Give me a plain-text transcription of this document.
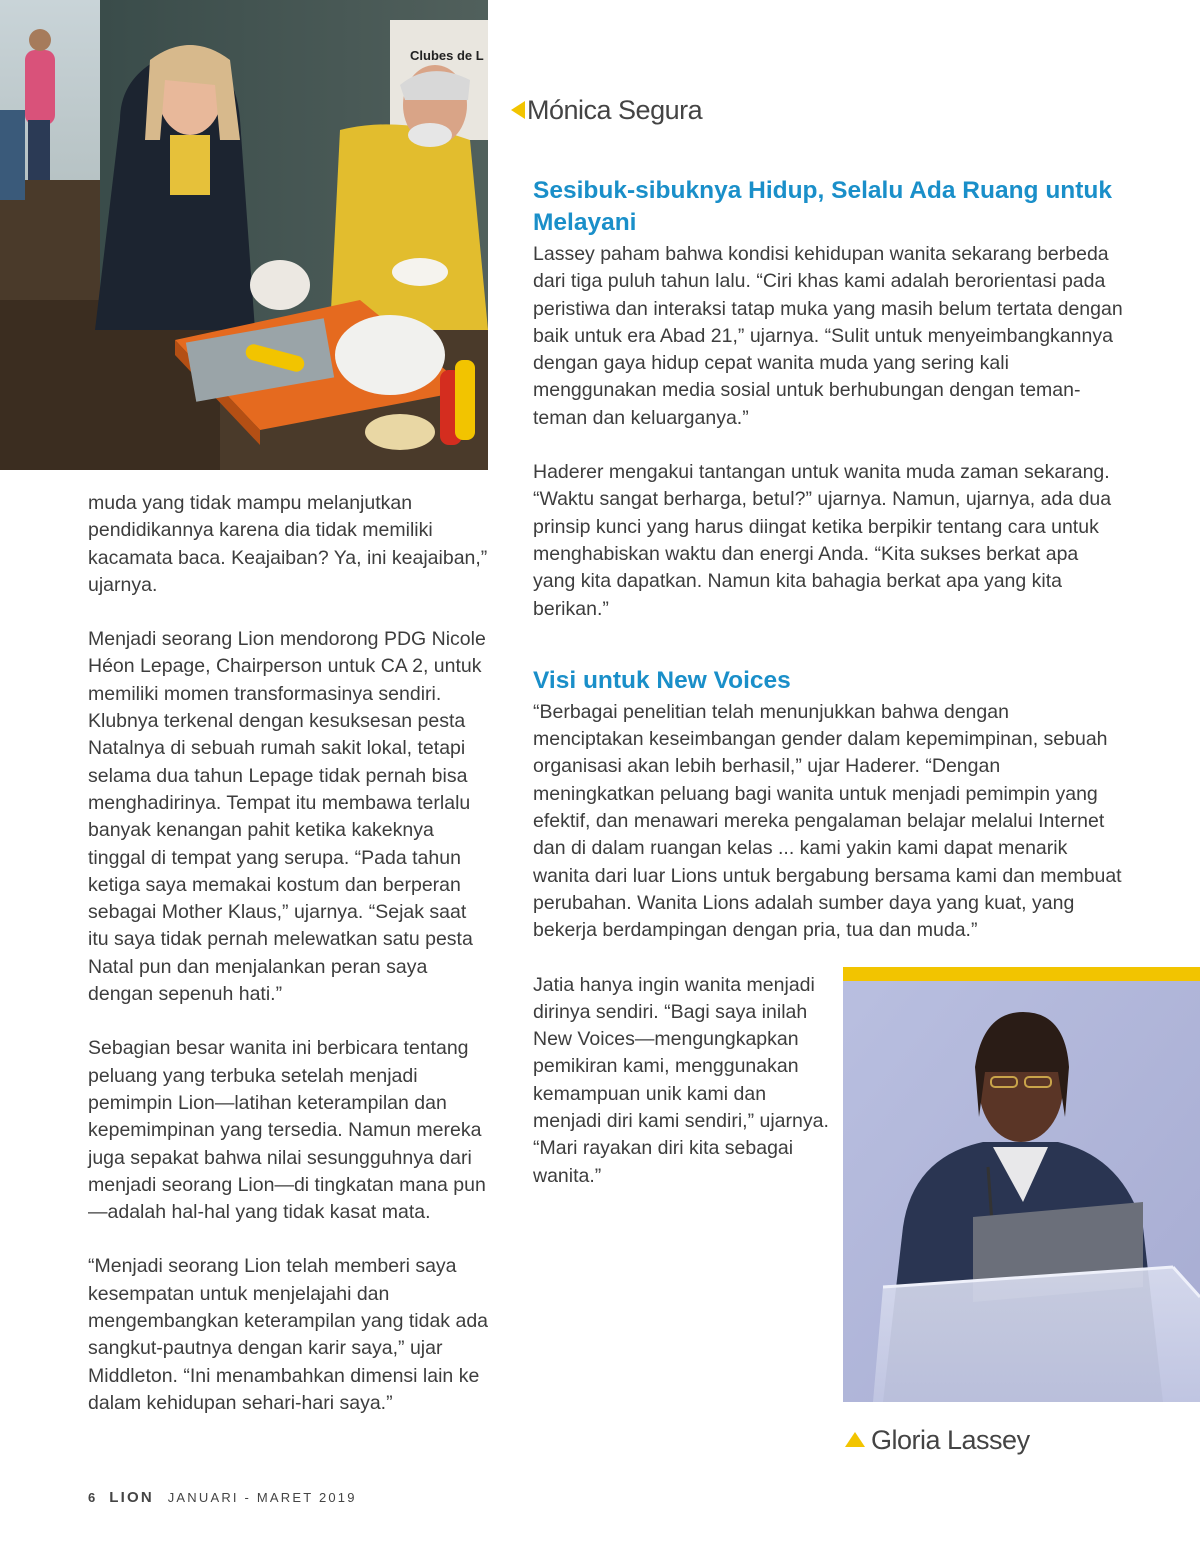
Clubes de L
Mónica Segura

muda yang tidak mampu melanjutkan pendidikannya karena dia tidak memiliki kacamata baca. Keajaiban? Ya, ini keajaiban,” ujarnya.

Menjadi seorang Lion mendorong PDG Nicole Héon Lepage, Chairperson untuk CA 2, untuk memiliki momen transformasinya sendiri. Klubnya terkenal dengan kesuksesan pesta Natalnya di sebuah rumah sakit lokal, tetapi selama dua tahun Lepage tidak pernah bisa menghadirinya. Tempat itu membawa terlalu banyak kenangan pahit ketika kakeknya tinggal di tempat yang serupa. “Pada tahun ketiga saya memakai kostum dan berperan sebagai Mother Klaus,” ujarnya. “Sejak saat itu saya tidak pernah melewatkan satu pesta Natal pun dan menjalankan peran saya dengan sepenuh hati.”

Sebagian besar wanita ini berbicara tentang peluang yang terbuka setelah menjadi pemimpin Lion—latihan keterampilan dan kepemimpinan yang tersedia. Namun mereka juga sepakat bahwa nilai sesungguhnya dari menjadi seorang Lion—di tingkatan mana pun—adalah hal-hal yang tidak kasat mata.

“Menjadi seorang Lion telah memberi saya kesempatan untuk menjelajahi dan mengembangkan keterampilan yang tidak ada sangkut-pautnya dengan karir saya,” ujar Middleton. “Ini menambahkan dimensi lain ke dalam kehidupan sehari-hari saya.”

Sesibuk-sibuknya Hidup, Selalu Ada Ruang untuk Melayani

Lassey paham bahwa kondisi kehidupan wanita sekarang berbeda dari tiga puluh tahun lalu. “Ciri khas kami adalah berorientasi pada peristiwa dan interaksi tatap muka yang masih belum tertata dengan baik untuk era Abad 21,” ujarnya. “Sulit untuk menyeimbangkannya dengan gaya hidup cepat wanita muda yang sering kali menggunakan media sosial untuk berhubungan dengan teman-teman dan keluarganya.”

Haderer mengakui tantangan untuk wanita muda zaman sekarang. “Waktu sangat berharga, betul?” ujarnya. Namun, ujarnya, ada dua prinsip kunci yang harus diingat ketika berpikir tentang cara untuk menghabiskan waktu dan energi Anda. “Kita sukses berkat apa yang kita dapatkan. Namun kita bahagia berkat apa yang kita berikan.”

Visi untuk New Voices

“Berbagai penelitian telah menunjukkan bahwa dengan menciptakan keseimbangan gender dalam kepemimpinan, sebuah organisasi akan lebih berhasil,” ujar Haderer. “Dengan meningkatkan peluang bagi wanita untuk menjadi pemimpin yang efektif, dan menawari mereka pengalaman belajar melalui Internet dan di dalam ruangan kelas ... kami yakin kami dapat menarik wanita dari luar Lions untuk bergabung bersama kami dan membuat perubahan. Wanita Lions adalah sumber daya yang kuat, yang bekerja berdampingan dengan pria, tua dan muda.”

Jatia hanya ingin wanita menjadi dirinya sendiri. “Bagi saya inilah New Voices—mengungkapkan pemikiran kami, menggunakan kemampuan unik kami dan menjadi diri kami sendiri,” ujarnya. “Mari rayakan diri kita sebagai wanita.”

Gloria Lassey
6 LION JANUARI - MARET 2019
